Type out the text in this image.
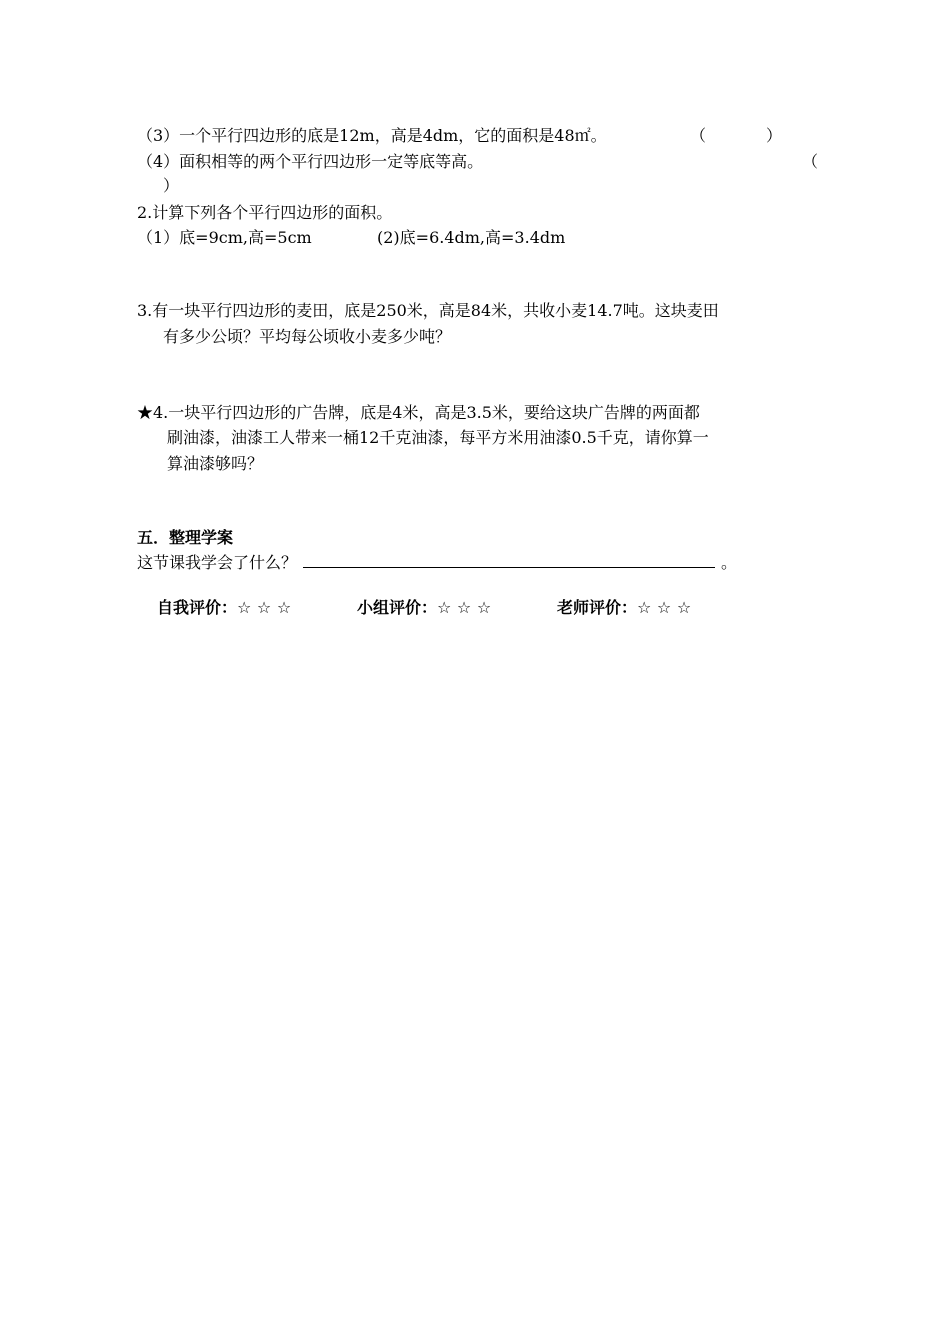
（3）一个平行四边形的底是12m，高是4dm，它的面积是48㎡。	（	）
（4）面积相等的两个平行四边形一定等底等高。	（
）
2.计算下列各个平行四边形的面积。
（1）底=9cm,高=5cm	(2)底=6.4dm,高=3.4dm
3.有一块平行四边形的麦田，底是250米，高是84米，共收小麦14.7吨。这块麦田
有多少公顷？平均每公顷收小麦多少吨？
★4.一块平行四边形的广告牌，底是4米，高是3.5米，要给这块广告牌的两面都
刷油漆，油漆工人带来一桶12千克油漆，每平方米用油漆0.5千克，请你算一
算油漆够吗？
五．整理学案
这节课我学会了什么？	。
自我评价：☆ ☆ ☆	小组评价：☆ ☆ ☆	老师评价：☆ ☆ ☆
